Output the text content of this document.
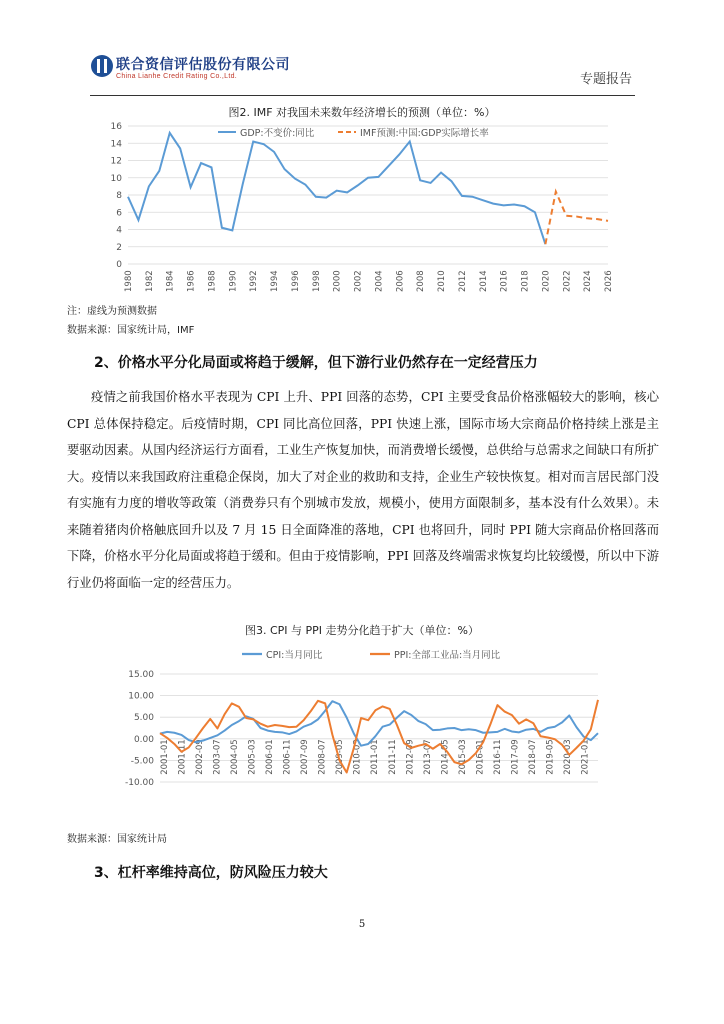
联合资信评估股份有限公司
China Lianhe Credit Rating Co.,Ltd.	专题报告
图2. IMF 对我国未来数年经济增长的预测（单位：%）
0
2
4
6
8
10
12
14
16
1980 1982 1984 1986 1988 1990 1992 1994 1996 1998 2000 2002 2004 2006 2008 2010 2012 2014 2016 2018 2020 2022 2024 2026
GDP:不变价:同比	IMF预测:中国:GDP实际增长率
注：虚线为预测数据
数据来源：国家统计局，IMF
2、价格水平分化局面或将趋于缓解，但下游行业仍然存在一定经营压力
疫情之前我国价格水平表现为 CPI 上升、PPI 回落的态势，CPI 主要受食品价格涨幅较大的影响，核心 CPI 总体保持稳定。后疫情时期，CPI 同比高位回落，PPI 快速上涨，国际市场大宗商品价格持续上涨是主要驱动因素。从国内经济运行方面看，工业生产恢复加快，而消费增长缓慢，总供给与总需求之间缺口有所扩大。疫情以来我国政府注重稳企保岗，加大了对企业的救助和支持，企业生产较快恢复。相对而言居民部门没有实施有力度的增收等政策（消费券只有个别城市发放，规模小，使用方面限制多，基本没有什么效果）。未来随着猪肉价格触底回升以及 7 月 15 日全面降准的落地，CPI 也将回升，同时 PPI 随大宗商品价格回落而下降，价格水平分化局面或将趋于缓和。但由于疫情影响，PPI 回落及终端需求恢复均比较缓慢，所以中下游行业仍将面临一定的经营压力。
图3. CPI 与 PPI 走势分化趋于扩大（单位：%）
15.00
10.00
5.00
0.00
-5.00
-10.00
2001-01 2001-11 2002-09 2003-07 2004-05 2005-03 2006-01 2006-11 2007-09 2008-07 2009-05 2010-03 2011-01 2011-11 2012-09 2013-07 2014-05 2015-03 2016-01 2016-11 2017-09 2018-07 2019-05 2020-03 2021-01
CPI:当月同比	PPI:全部工业品:当月同比
数据来源：国家统计局
3、杠杆率维持高位，防风险压力较大
5
